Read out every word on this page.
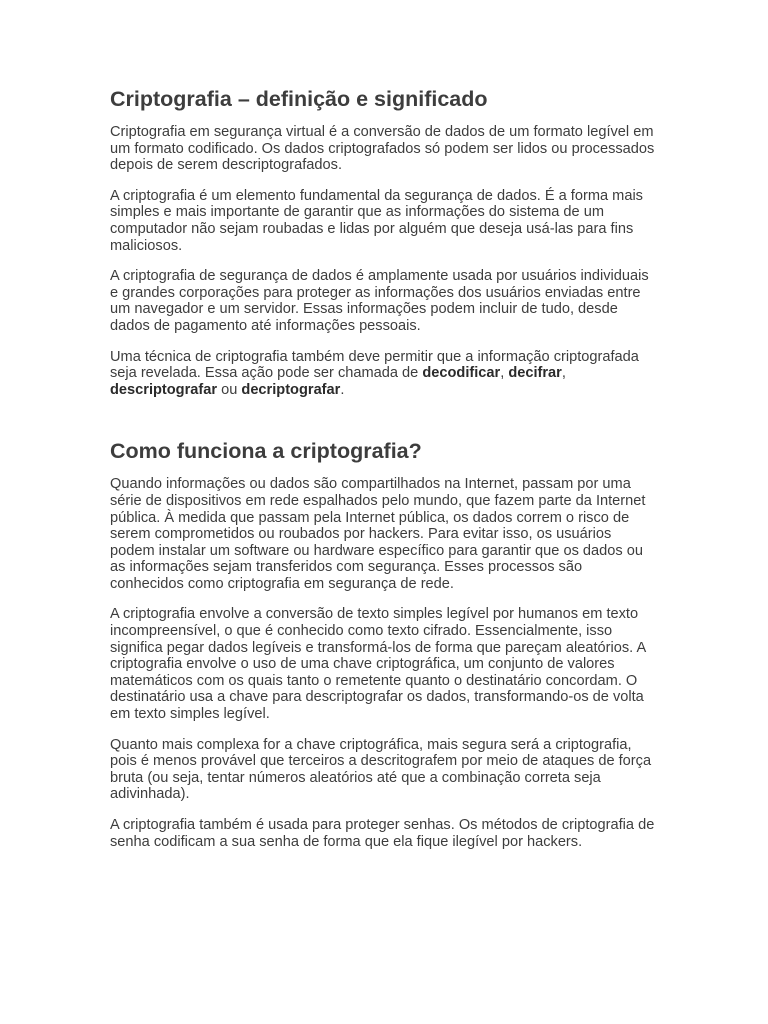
Criptografia – definição e significado

Criptografia em segurança virtual é a conversão de dados de um formato legível em um formato codificado. Os dados criptografados só podem ser lidos ou processados depois de serem descriptografados.

A criptografia é um elemento fundamental da segurança de dados. É a forma mais simples e mais importante de garantir que as informações do sistema de um computador não sejam roubadas e lidas por alguém que deseja usá-las para fins maliciosos.

A criptografia de segurança de dados é amplamente usada por usuários individuais e grandes corporações para proteger as informações dos usuários enviadas entre um navegador e um servidor. Essas informações podem incluir de tudo, desde dados de pagamento até informações pessoais.

Uma técnica de criptografia também deve permitir que a informação criptografada seja revelada. Essa ação pode ser chamada de decodificar, decifrar, descriptografar ou decriptografar.

Como funciona a criptografia?

Quando informações ou dados são compartilhados na Internet, passam por uma série de dispositivos em rede espalhados pelo mundo, que fazem parte da Internet pública. À medida que passam pela Internet pública, os dados correm o risco de serem comprometidos ou roubados por hackers. Para evitar isso, os usuários podem instalar um software ou hardware específico para garantir que os dados ou as informações sejam transferidos com segurança. Esses processos são conhecidos como criptografia em segurança de rede.

A criptografia envolve a conversão de texto simples legível por humanos em texto incompreensível, o que é conhecido como texto cifrado. Essencialmente, isso significa pegar dados legíveis e transformá-los de forma que pareçam aleatórios. A criptografia envolve o uso de uma chave criptográfica, um conjunto de valores matemáticos com os quais tanto o remetente quanto o destinatário concordam. O destinatário usa a chave para descriptografar os dados, transformando-os de volta em texto simples legível.

Quanto mais complexa for a chave criptográfica, mais segura será a criptografia, pois é menos provável que terceiros a descritografem por meio de ataques de força bruta (ou seja, tentar números aleatórios até que a combinação correta seja adivinhada).

A criptografia também é usada para proteger senhas. Os métodos de criptografia de senha codificam a sua senha de forma que ela fique ilegível por hackers.
